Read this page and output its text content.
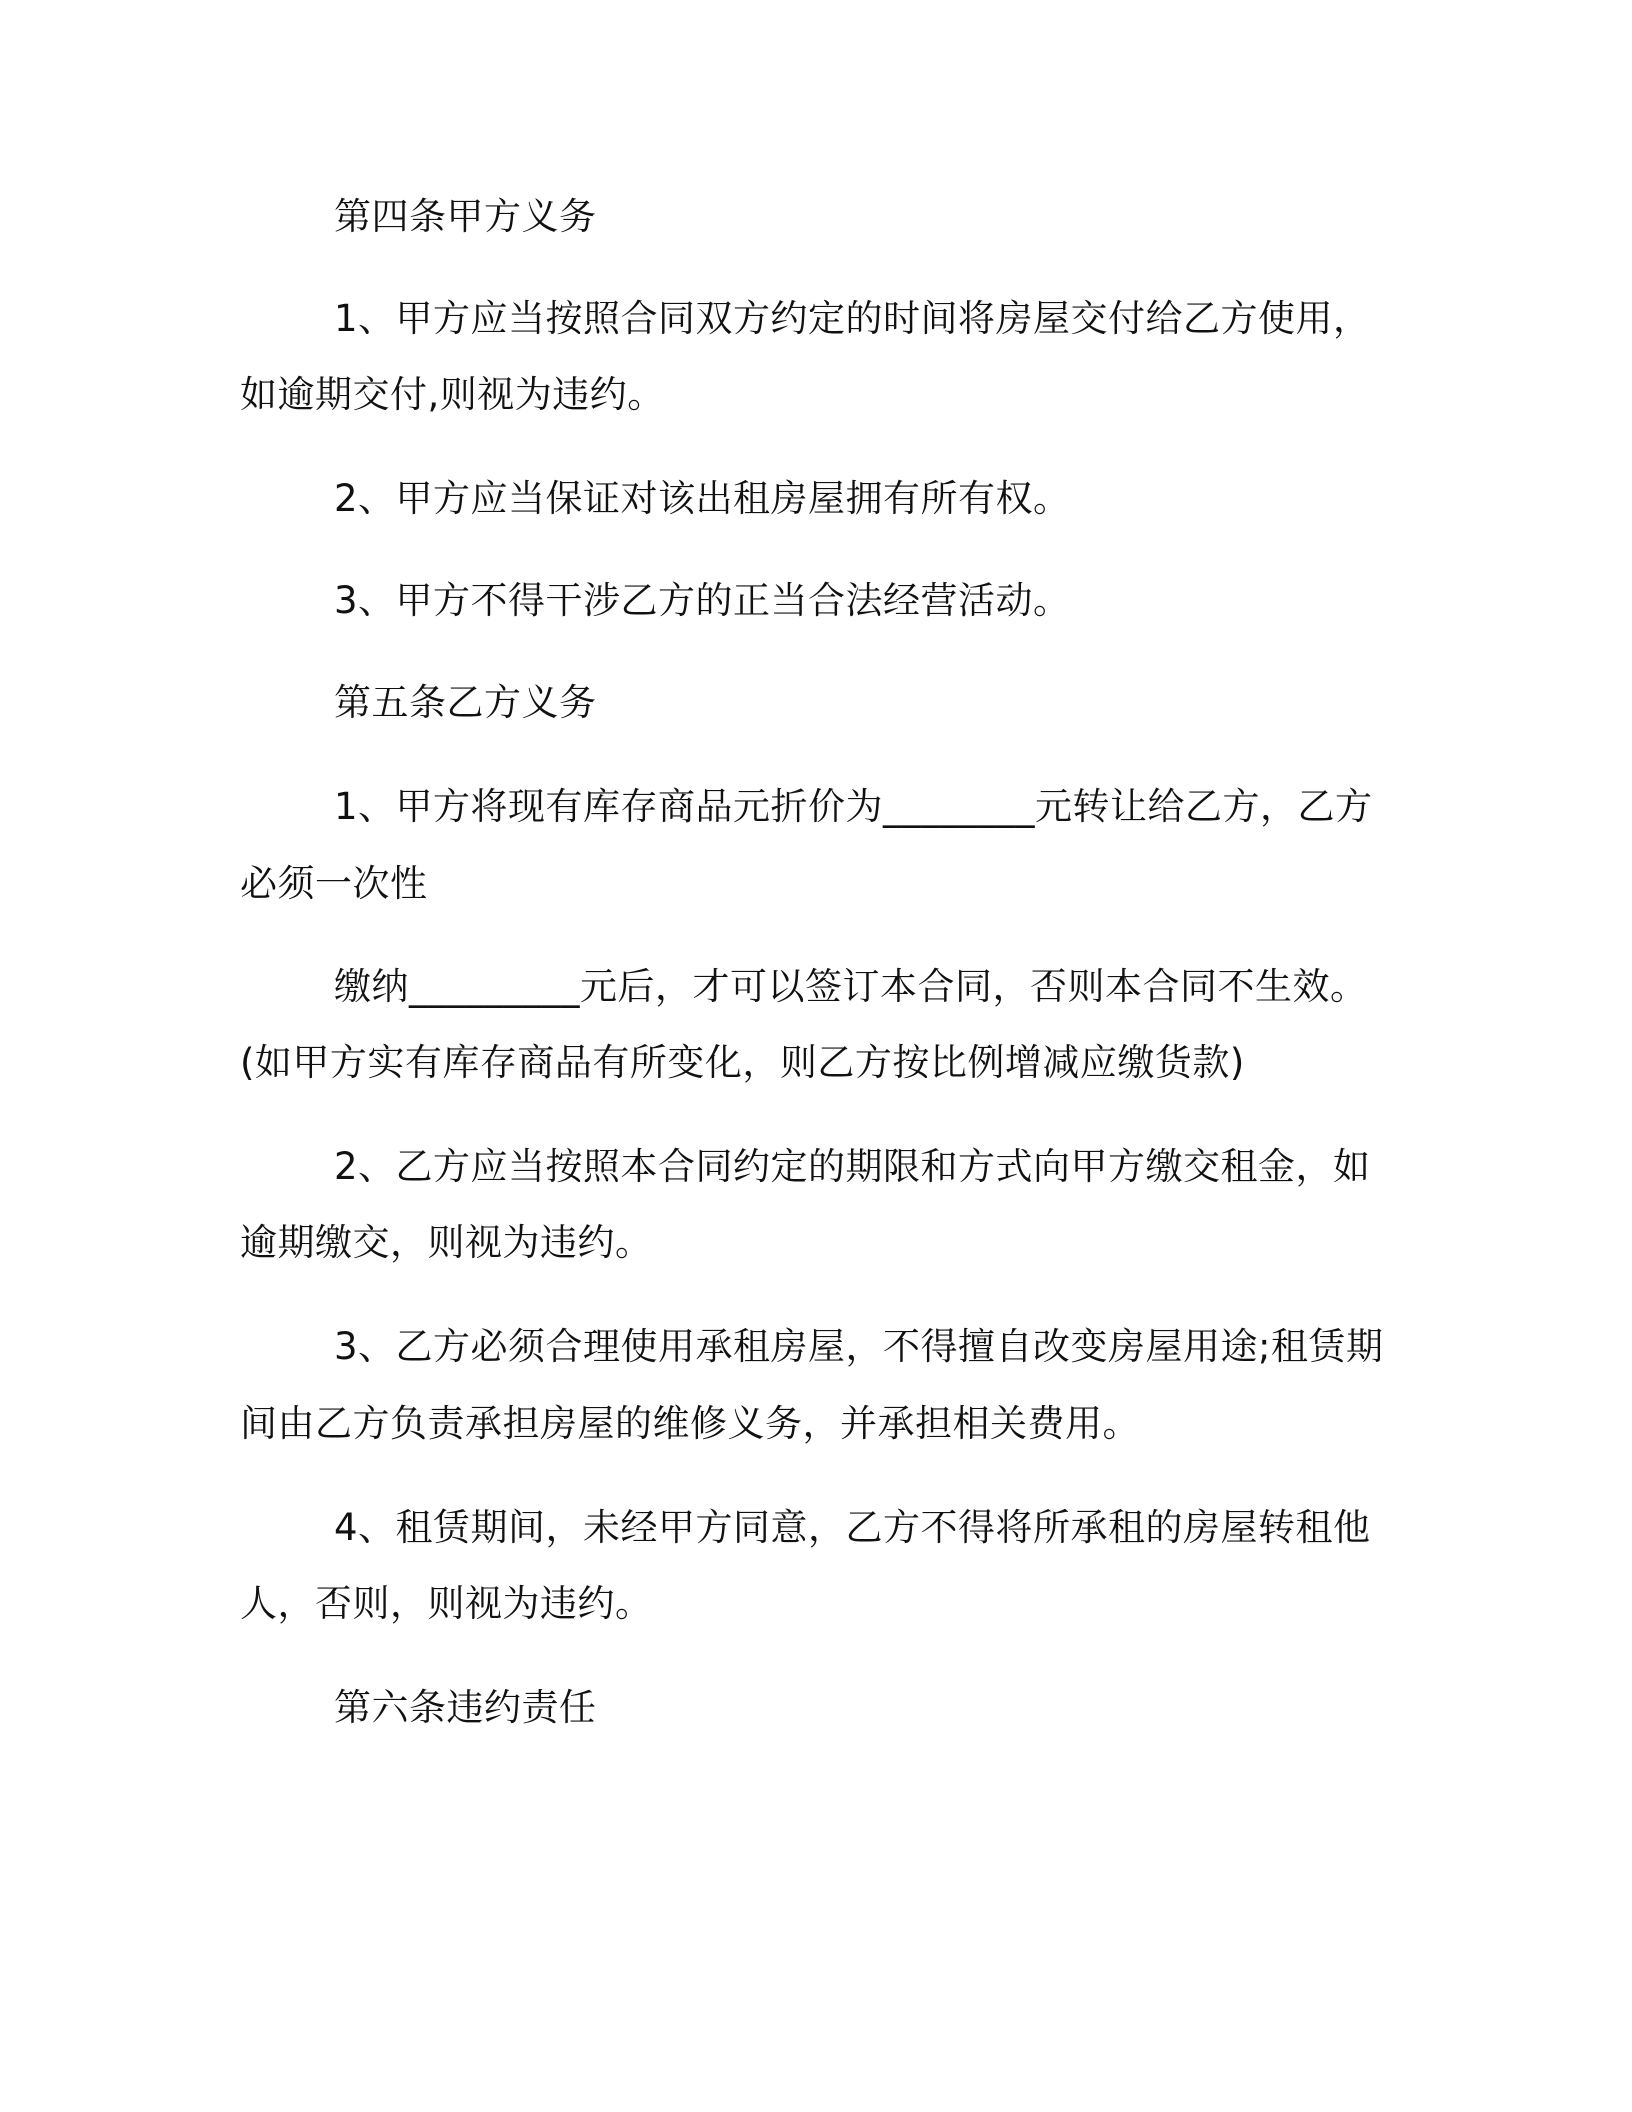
第四条甲方义务
1、甲方应当按照合同双方约定的时间将房屋交付给乙方使用，
如逾期交付,则视为违约。
2、甲方应当保证对该出租房屋拥有所有权。
3、甲方不得干涉乙方的正当合法经营活动。
第五条乙方义务
1、甲方将现有库存商品元折价为________元转让给乙方，乙方
必须一次性
缴纳_________元后，才可以签订本合同，否则本合同不生效。
(如甲方实有库存商品有所变化，则乙方按比例增减应缴货款)
2、乙方应当按照本合同约定的期限和方式向甲方缴交租金，如
逾期缴交，则视为违约。
3、乙方必须合理使用承租房屋，不得擅自改变房屋用途;租赁期
间由乙方负责承担房屋的维修义务，并承担相关费用。
4、租赁期间，未经甲方同意，乙方不得将所承租的房屋转租他
人，否则，则视为违约。
第六条违约责任
